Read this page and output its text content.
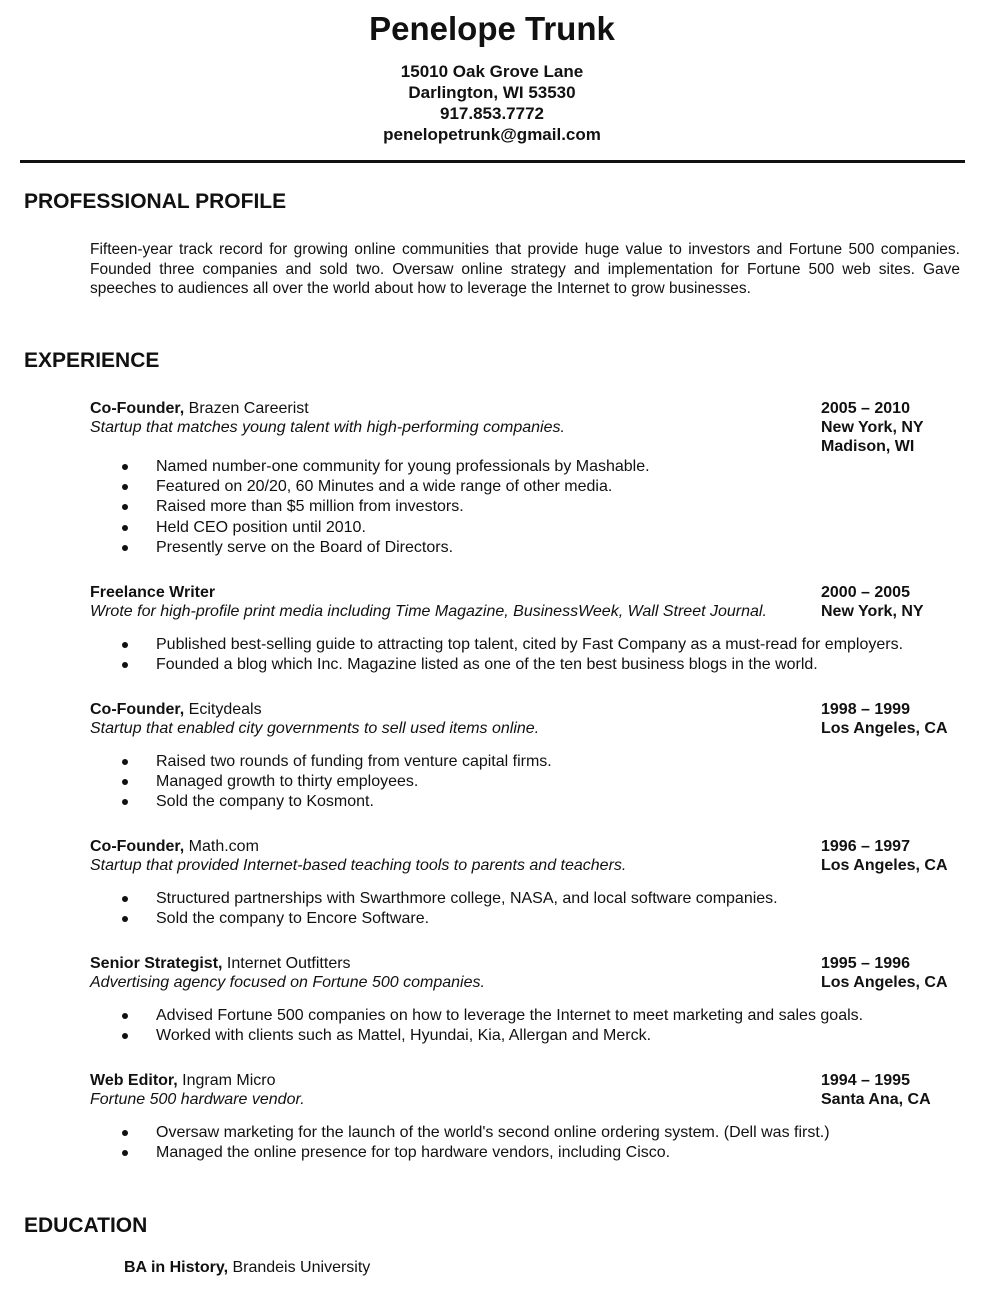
Penelope Trunk
15010 Oak Grove Lane
Darlington, WI 53530
917.853.7772
penelopetrunk@gmail.com
PROFESSIONAL PROFILE
Fifteen-year track record for growing online communities that provide huge value to investors and Fortune 500 companies. Founded three companies and sold two. Oversaw online strategy and implementation for Fortune 500 web sites. Gave speeches to audiences all over the world about how to leverage the Internet to grow businesses.
EXPERIENCE
Co-Founder, Brazen Careerist	2005 – 2010
Startup that matches young talent with high-performing companies.	New York, NY
Madison, WI
Named number-one community for young professionals by Mashable.
Featured on 20/20, 60 Minutes and a wide range of other media.
Raised more than $5 million from investors.
Held CEO position until 2010.
Presently serve on the Board of Directors.
Freelance Writer	2000 – 2005
Wrote for high-profile print media including Time Magazine, BusinessWeek, Wall Street Journal.	New York, NY
Published best-selling guide to attracting top talent, cited by Fast Company as a must-read for employers.
Founded a blog which Inc. Magazine listed as one of the ten best business blogs in the world.
Co-Founder, Ecitydeals	1998 – 1999
Startup that enabled city governments to sell used items online.	Los Angeles, CA
Raised two rounds of funding from venture capital firms.
Managed growth to thirty employees.
Sold the company to Kosmont.
Co-Founder, Math.com	1996 – 1997
Startup that provided Internet-based teaching tools to parents and teachers.	Los Angeles, CA
Structured partnerships with Swarthmore college, NASA, and local software companies.
Sold the company to Encore Software.
Senior Strategist, Internet Outfitters	1995 – 1996
Advertising agency focused on Fortune 500 companies.	Los Angeles, CA
Advised Fortune 500 companies on how to leverage the Internet to meet marketing and sales goals.
Worked with clients such as Mattel, Hyundai, Kia, Allergan and Merck.
Web Editor, Ingram Micro	1994 – 1995
Fortune 500 hardware vendor.	Santa Ana, CA
Oversaw marketing for the launch of the world's second online ordering system. (Dell was first.)
Managed the online presence for top hardware vendors, including Cisco.
EDUCATION
BA in History, Brandeis University
